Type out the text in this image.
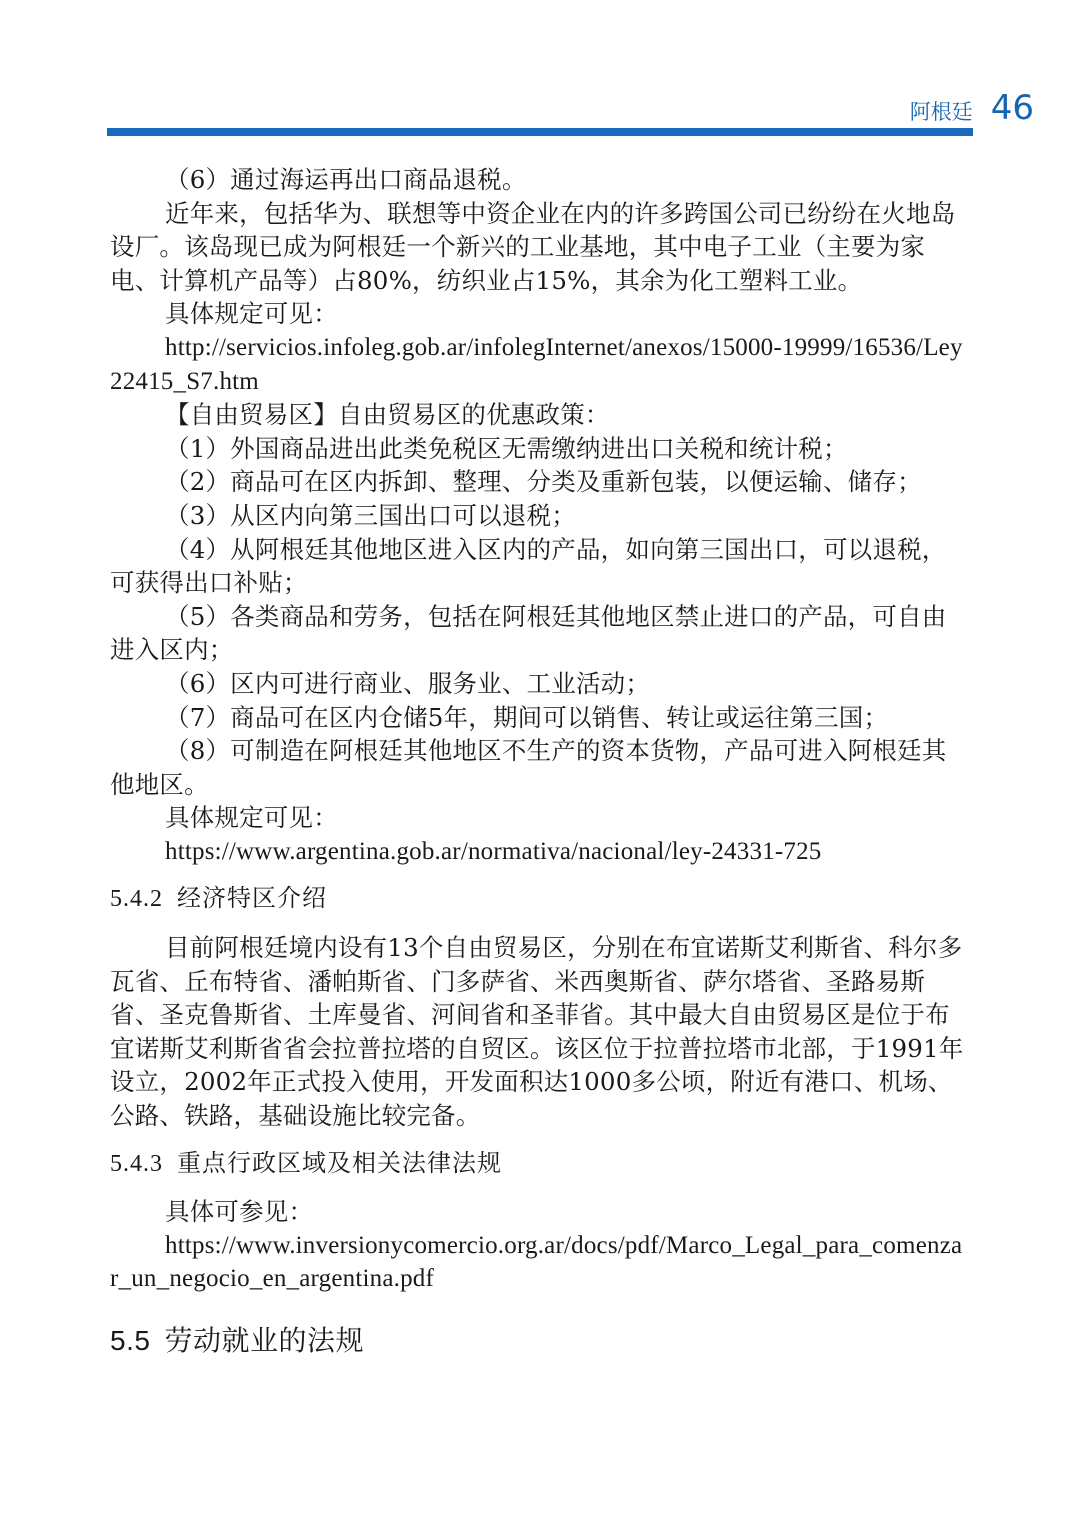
阿根廷 46

（6）通过海运再出口商品退税。

近年来，包括华为、联想等中资企业在内的许多跨国公司已纷纷在火地岛设厂。该岛现已成为阿根廷一个新兴的工业基地，其中电子工业（主要为家电、计算机产品等）占80%，纺织业占15%，其余为化工塑料工业。

具体规定可见：

http://servicios.infoleg.gob.ar/infolegInternet/anexos/15000-19999/16536/Ley22415_S7.htm

【自由贸易区】自由贸易区的优惠政策：

（1）外国商品进出此类免税区无需缴纳进出口关税和统计税；

（2）商品可在区内拆卸、整理、分类及重新包装，以便运输、储存；

（3）从区内向第三国出口可以退税；

（4）从阿根廷其他地区进入区内的产品，如向第三国出口，可以退税，可获得出口补贴；

（5）各类商品和劳务，包括在阿根廷其他地区禁止进口的产品，可自由进入区内；

（6）区内可进行商业、服务业、工业活动；

（7）商品可在区内仓储5年，期间可以销售、转让或运往第三国；

（8）可制造在阿根廷其他地区不生产的资本货物，产品可进入阿根廷其他地区。

具体规定可见：

https://www.argentina.gob.ar/normativa/nacional/ley-24331-725

5.4.2 经济特区介绍

目前阿根廷境内设有13个自由贸易区，分别在布宜诺斯艾利斯省、科尔多瓦省、丘布特省、潘帕斯省、门多萨省、米西奥斯省、萨尔塔省、圣路易斯省、圣克鲁斯省、土库曼省、河间省和圣菲省。其中最大自由贸易区是位于布宜诺斯艾利斯省省会拉普拉塔的自贸区。该区位于拉普拉塔市北部，于1991年设立，2002年正式投入使用，开发面积达1000多公顷，附近有港口、机场、公路、铁路，基础设施比较完备。

5.4.3 重点行政区域及相关法律法规

具体可参见：

https://www.inversionycomercio.org.ar/docs/pdf/Marco_Legal_para_comenzar_un_negocio_en_argentina.pdf

5.5 劳动就业的法规
